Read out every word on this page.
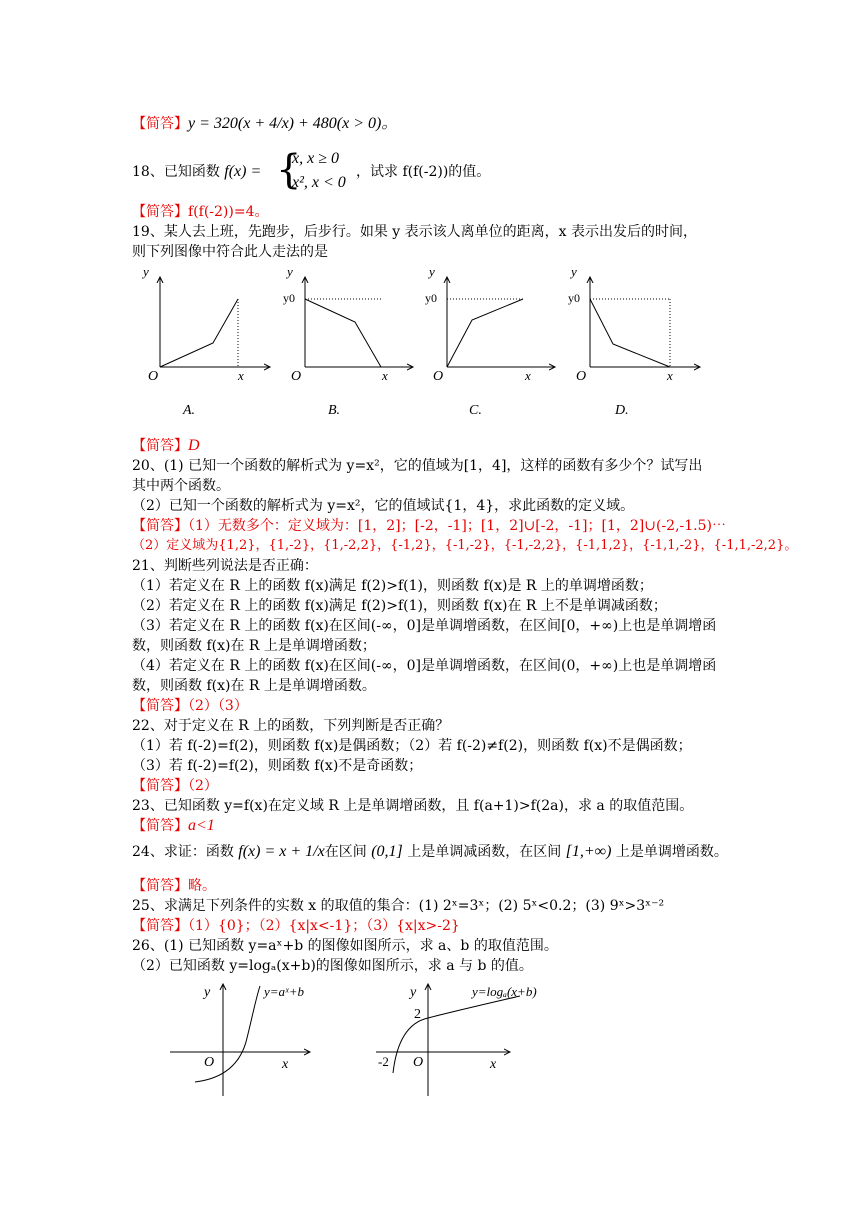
【简答】y = 320(x + 4/x) + 480(x > 0)。
18、已知函数 f(x) = {
x, x ≥ 0
x², x < 0
，试求 f(f(-2))的值。
【简答】f(f(-2))=4。
19、某人去上班，先跑步，后步行。如果 y 表示该人离单位的距离，x 表示出发后的时间，
则下列图像中符合此人走法的是
y
O	x
y
y0
O	x
y
y0
O	x
y
y0
O	x
A.	B.	C.	D.
【简答】D
20、(1) 已知一个函数的解析式为 y=x²，它的值域为[1，4]，这样的函数有多少个？试写出
其中两个函数。
（2）已知一个函数的解析式为 y=x²，它的值域试{1，4}，求此函数的定义域。
【简答】（1）无数多个：定义域为：[1，2]；[-2，-1]；[1，2]∪[-2，-1]；[1，2]∪(-2,-1.5)⋯
（2）定义域为{1,2}，{1,-2}，{1,-2,2}，{-1,2}，{-1,-2}，{-1,-2,2}，{-1,1,2}，{-1,1,-2}，{-1,1,-2,2}。
21、判断些列说法是否正确：
（1）若定义在 R 上的函数 f(x)满足 f(2)>f(1)，则函数 f(x)是 R 上的单调增函数；
（2）若定义在 R 上的函数 f(x)满足 f(2)>f(1)，则函数 f(x)在 R 上不是单调减函数；
（3）若定义在 R 上的函数 f(x)在区间(-∞，0]是单调增函数，在区间[0，+∞)上也是单调增函
数，则函数 f(x)在 R 上是单调增函数；
（4）若定义在 R 上的函数 f(x)在区间(-∞，0]是单调增函数，在区间(0，+∞)上也是单调增函
数，则函数 f(x)在 R 上是单调增函数。
【简答】（2）（3）
22、对于定义在 R 上的函数，下列判断是否正确？
（1）若 f(-2)=f(2)，则函数 f(x)是偶函数；（2）若 f(-2)≠f(2)，则函数 f(x)不是偶函数；
（3）若 f(-2)=f(2)，则函数 f(x)不是奇函数；
【简答】（2）
23、已知函数 y=f(x)在定义域 R 上是单调增函数，且 f(a+1)>f(2a)，求 a 的取值范围。
【简答】a<1
24、求证：函数 f(x) = x + 1/x在区间 (0,1] 上是单调减函数，在区间 [1,+∞) 上是单调增函数。
【简答】略。
25、求满足下列条件的实数 x 的取值的集合：(1) 2ˣ=3ˣ；(2) 5ˣ<0.2；(3) 9ˣ>3ˣ⁻²
【简答】（1）{0}；（2）{x|x<-1}；（3）{x|x>-2}
26、(1) 已知函数 y=aˣ+b 的图像如图所示，求 a、b 的取值范围。
（2）已知函数 y=logₐ(x+b)的图像如图所示，求 a 与 b 的值。
y
O	x
y=aˣ+b	y
2
-2 O	x
y=logₐ(x+b)
